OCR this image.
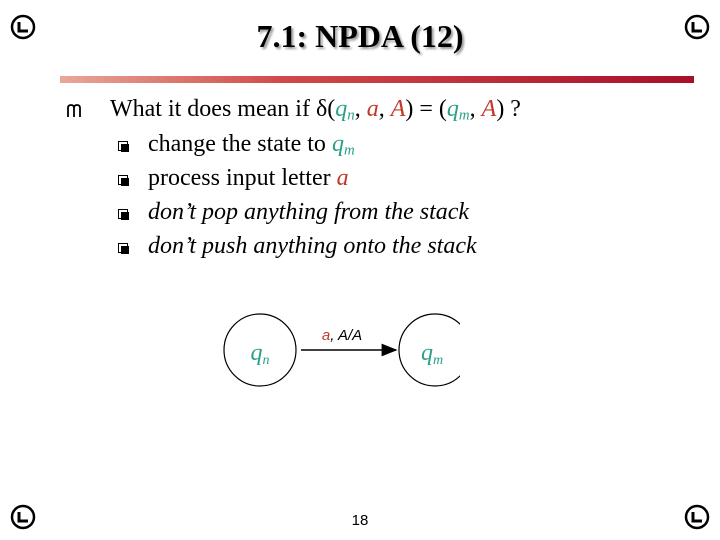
7.1: NPDA (12)
What it does mean if $\delta(q_n$, a, $A) = (q_m$, A) ?
change the state to $q_m$
process input letter a
don’t pop anything from the stack
don’t push anything onto the stack
qn	qm
a, A/A
18
